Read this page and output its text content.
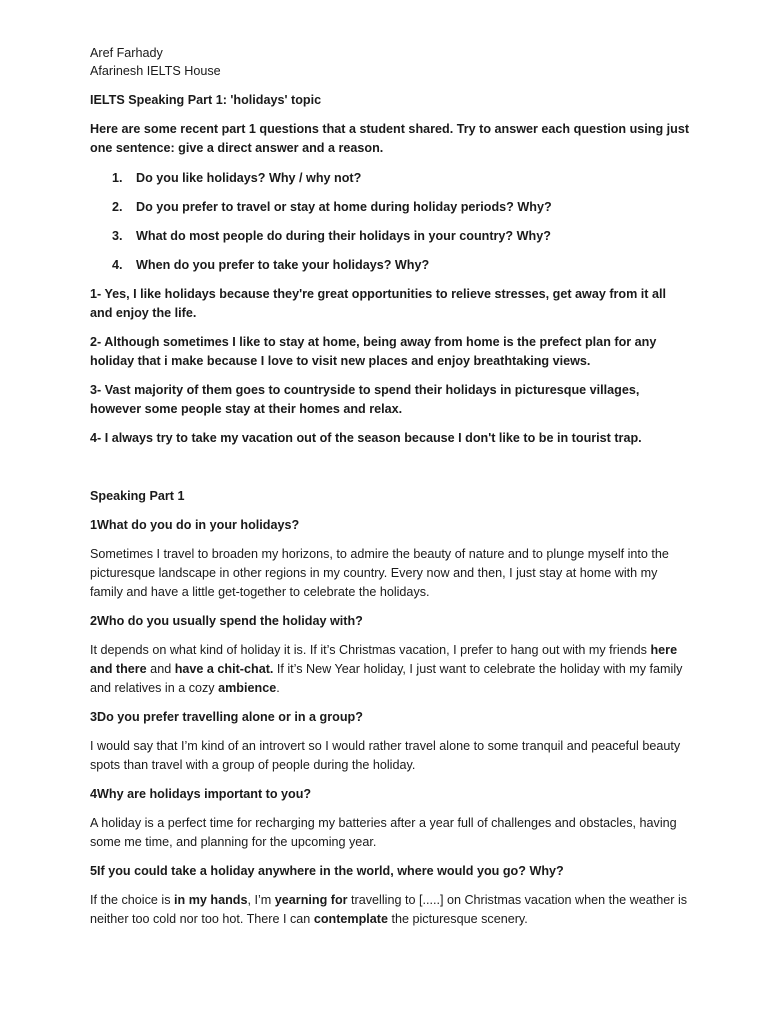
Aref Farhady

Afarinesh IELTS House

IELTS Speaking Part 1: 'holidays' topic

Here are some recent part 1 questions that a student shared. Try to answer each question using just one sentence: give a direct answer and a reason.

1. Do you like holidays? Why / why not?

2. Do you prefer to travel or stay at home during holiday periods? Why?

3. What do most people do during their holidays in your country? Why?

4. When do you prefer to take your holidays? Why?

1- Yes, I like holidays because they're great opportunities to relieve stresses, get away from it all and enjoy the life.

2- Although sometimes I like to stay at home, being away from home is the prefect plan for any holiday that i make because I love to visit new places and enjoy breathtaking views.

3- Vast majority of them goes to countryside to spend their holidays in picturesque villages, however some people stay at their homes and relax.

4- I always try to take my vacation out of the season because I don't like to be in tourist trap.

Speaking Part 1

1What do you do in your holidays?

Sometimes I travel to broaden my horizons, to admire the beauty of nature and to plunge myself into the picturesque landscape in other regions in my country. Every now and then, I just stay at home with my family and have a little get-together to celebrate the holidays.

2Who do you usually spend the holiday with?

It depends on what kind of holiday it is. If it’s Christmas vacation, I prefer to hang out with my friends here and there and have a chit-chat. If it’s New Year holiday, I just want to celebrate the holiday with my family and relatives in a cozy ambience.

3Do you prefer travelling alone or in a group?

I would say that I’m kind of an introvert so I would rather travel alone to some tranquil and peaceful beauty spots than travel with a group of people during the holiday.

4Why are holidays important to you?

A holiday is a perfect time for recharging my batteries after a year full of challenges and obstacles, having some me time, and planning for the upcoming year.

5If you could take a holiday anywhere in the world, where would you go? Why?

If the choice is in my hands, I’m yearning for travelling to [.....] on Christmas vacation when the weather is neither too cold nor too hot. There I can contemplate the picturesque scenery.
